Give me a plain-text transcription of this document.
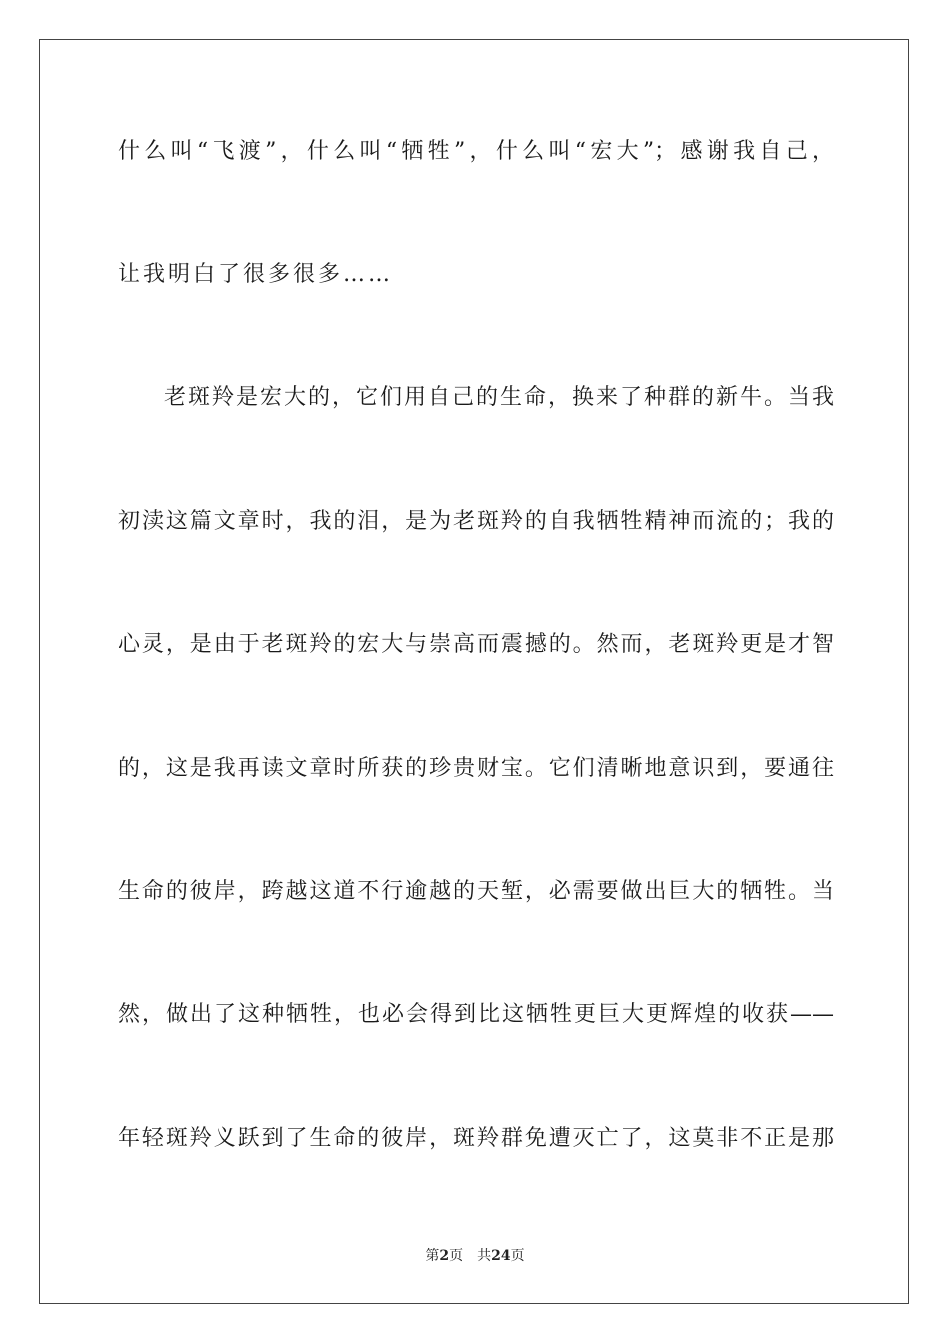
什么叫“飞渡”，什么叫“牺牲”，什么叫“宏大”；感谢我自己，
让我明白了很多很多……
老斑羚是宏大的，它们用自己的生命，换来了种群的新牛。当我
初渎这篇文章时，我的泪，是为老斑羚的自我牺牲精神而流的；我的
心灵，是由于老斑羚的宏大与崇高而震撼的。然而，老斑羚更是才智
的，这是我再读文章时所获的珍贵财宝。它们清晰地意识到，要通往
生命的彼岸，跨越这道不行逾越的天堑，必需要做出巨大的牺牲。当
然，做出了这种牺牲，也必会得到比这牺牲更巨大更辉煌的收获——
年轻斑羚义跃到了生命的彼岸，斑羚群免遭灭亡了，这莫非不正是那
第2页 共24页
